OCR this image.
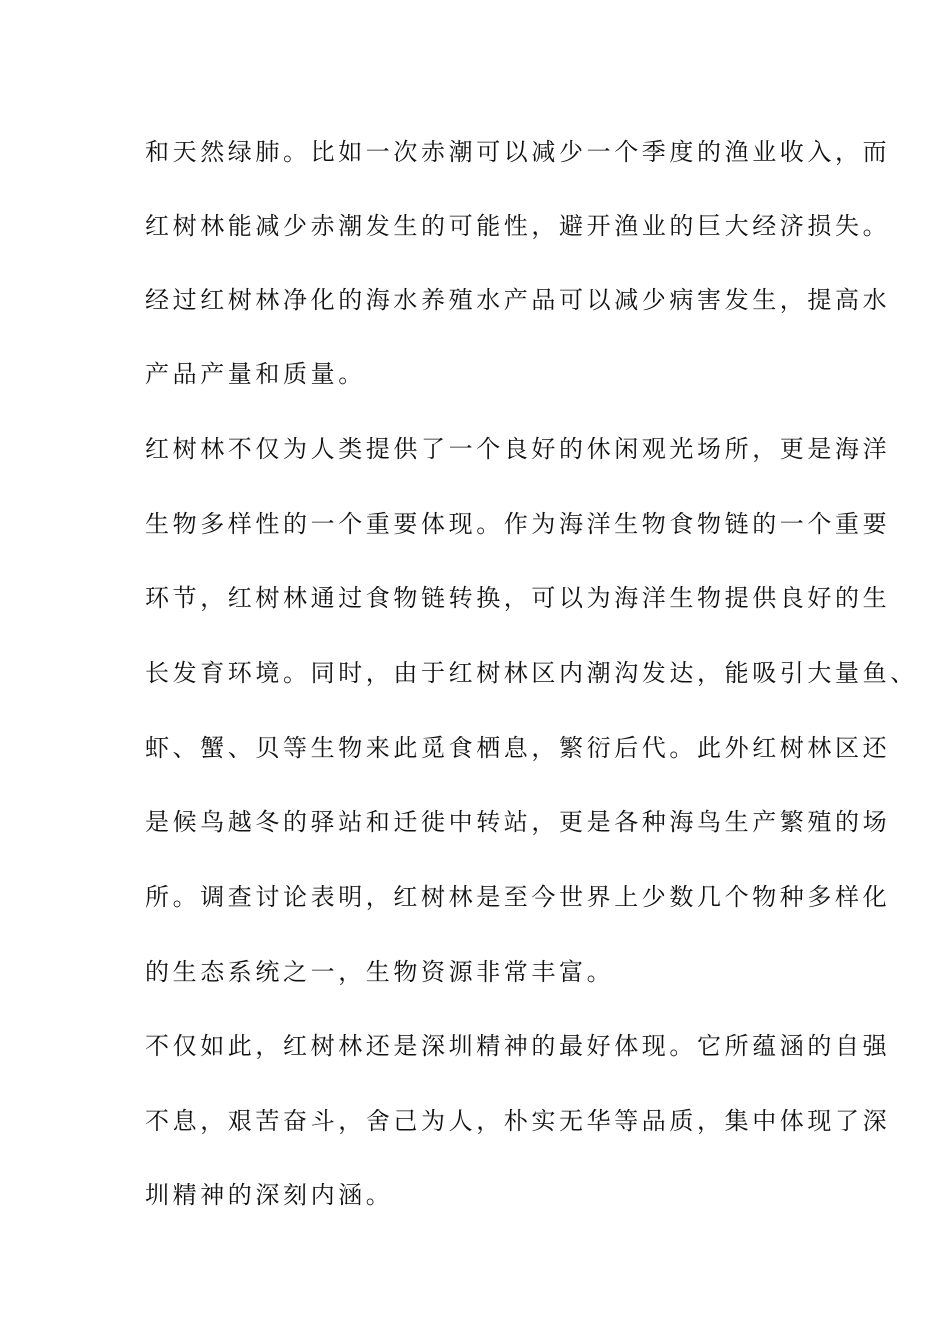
和天然绿肺。比如一次赤潮可以减少一个季度的渔业收入，而
红树林能减少赤潮发生的可能性，避开渔业的巨大经济损失。
经过红树林净化的海水养殖水产品可以减少病害发生，提高水
产品产量和质量。
红树林不仅为人类提供了一个良好的休闲观光场所，更是海洋
生物多样性的一个重要体现。作为海洋生物食物链的一个重要
环节，红树林通过食物链转换，可以为海洋生物提供良好的生
长发育环境。同时，由于红树林区内潮沟发达，能吸引大量鱼、
虾、蟹、贝等生物来此觅食栖息，繁衍后代。此外红树林区还
是候鸟越冬的驿站和迁徙中转站，更是各种海鸟生产繁殖的场
所。调查讨论表明，红树林是至今世界上少数几个物种多样化
的生态系统之一，生物资源非常丰富。
不仅如此，红树林还是深圳精神的最好体现。它所蕴涵的自强
不息，艰苦奋斗，舍己为人，朴实无华等品质，集中体现了深
圳精神的深刻内涵。
